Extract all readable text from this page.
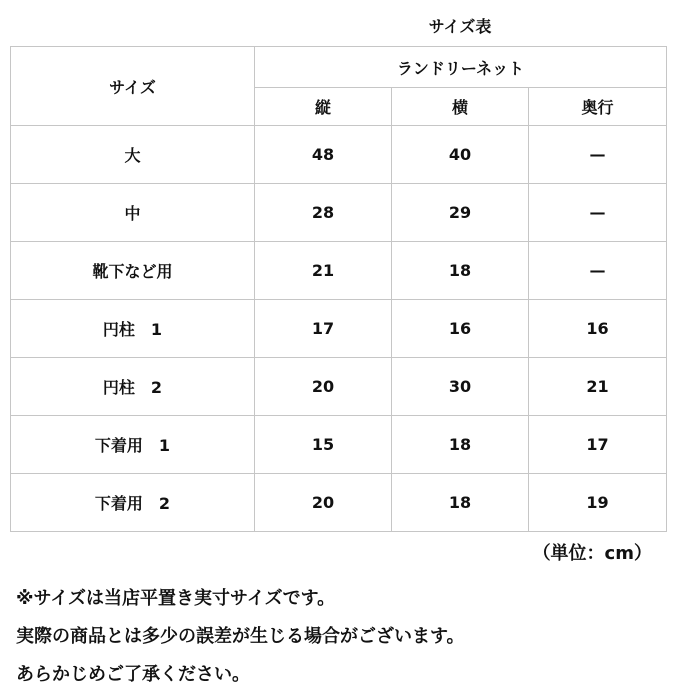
サイズ表
サイズ	ランドリーネット		
	縦	横	奥行
大	48	40	—
中	28	29	—
靴下など用	21	18	—
円柱　1	17	16	16
円柱　2	20	30	21
下着用　1	15	18	17
下着用　2	20	18	19
（単位：cm）
※サイズは当店平置き実寸サイズです。
実際の商品とは多少の誤差が生じる場合がございます。
あらかじめご了承ください。
